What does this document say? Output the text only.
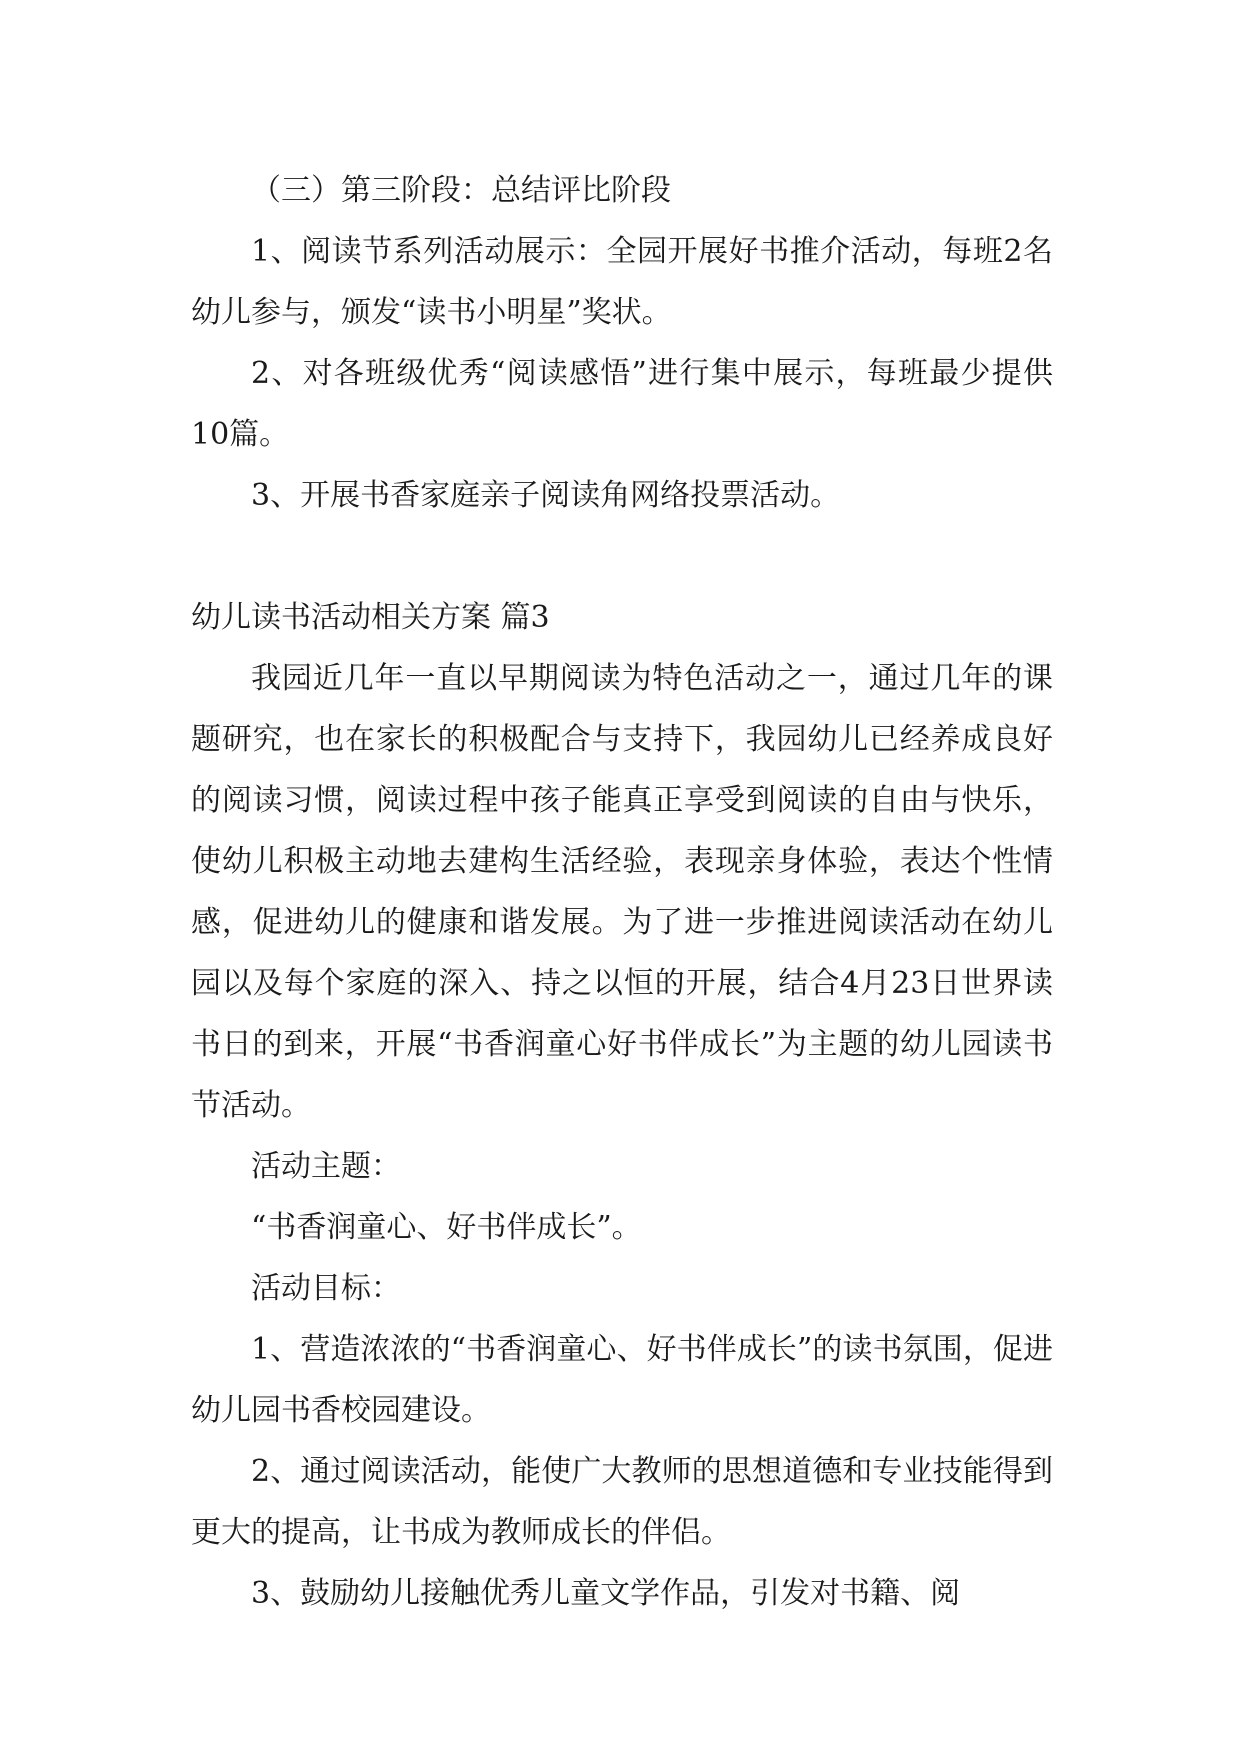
（三）第三阶段：总结评比阶段

1、阅读节系列活动展示：全园开展好书推介活动，每班2名幼儿参与，颁发“读书小明星”奖状。

2、对各班级优秀“阅读感悟”进行集中展示，每班最少提供10篇。

3、开展书香家庭亲子阅读角网络投票活动。

幼儿读书活动相关方案 篇3

我园近几年一直以早期阅读为特色活动之一，通过几年的课题研究，也在家长的积极配合与支持下，我园幼儿已经养成良好的阅读习惯，阅读过程中孩子能真正享受到阅读的自由与快乐，使幼儿积极主动地去建构生活经验，表现亲身体验，表达个性情感，促进幼儿的健康和谐发展。为了进一步推进阅读活动在幼儿园以及每个家庭的深入、持之以恒的开展，结合4月23日世界读书日的到来，开展“书香润童心好书伴成长”为主题的幼儿园读书节活动。

活动主题：

“书香润童心、好书伴成长”。

活动目标：

1、营造浓浓的“书香润童心、好书伴成长”的读书氛围，促进幼儿园书香校园建设。

2、通过阅读活动，能使广大教师的思想道德和专业技能得到更大的提高，让书成为教师成长的伴侣。

3、鼓励幼儿接触优秀儿童文学作品，引发对书籍、阅
